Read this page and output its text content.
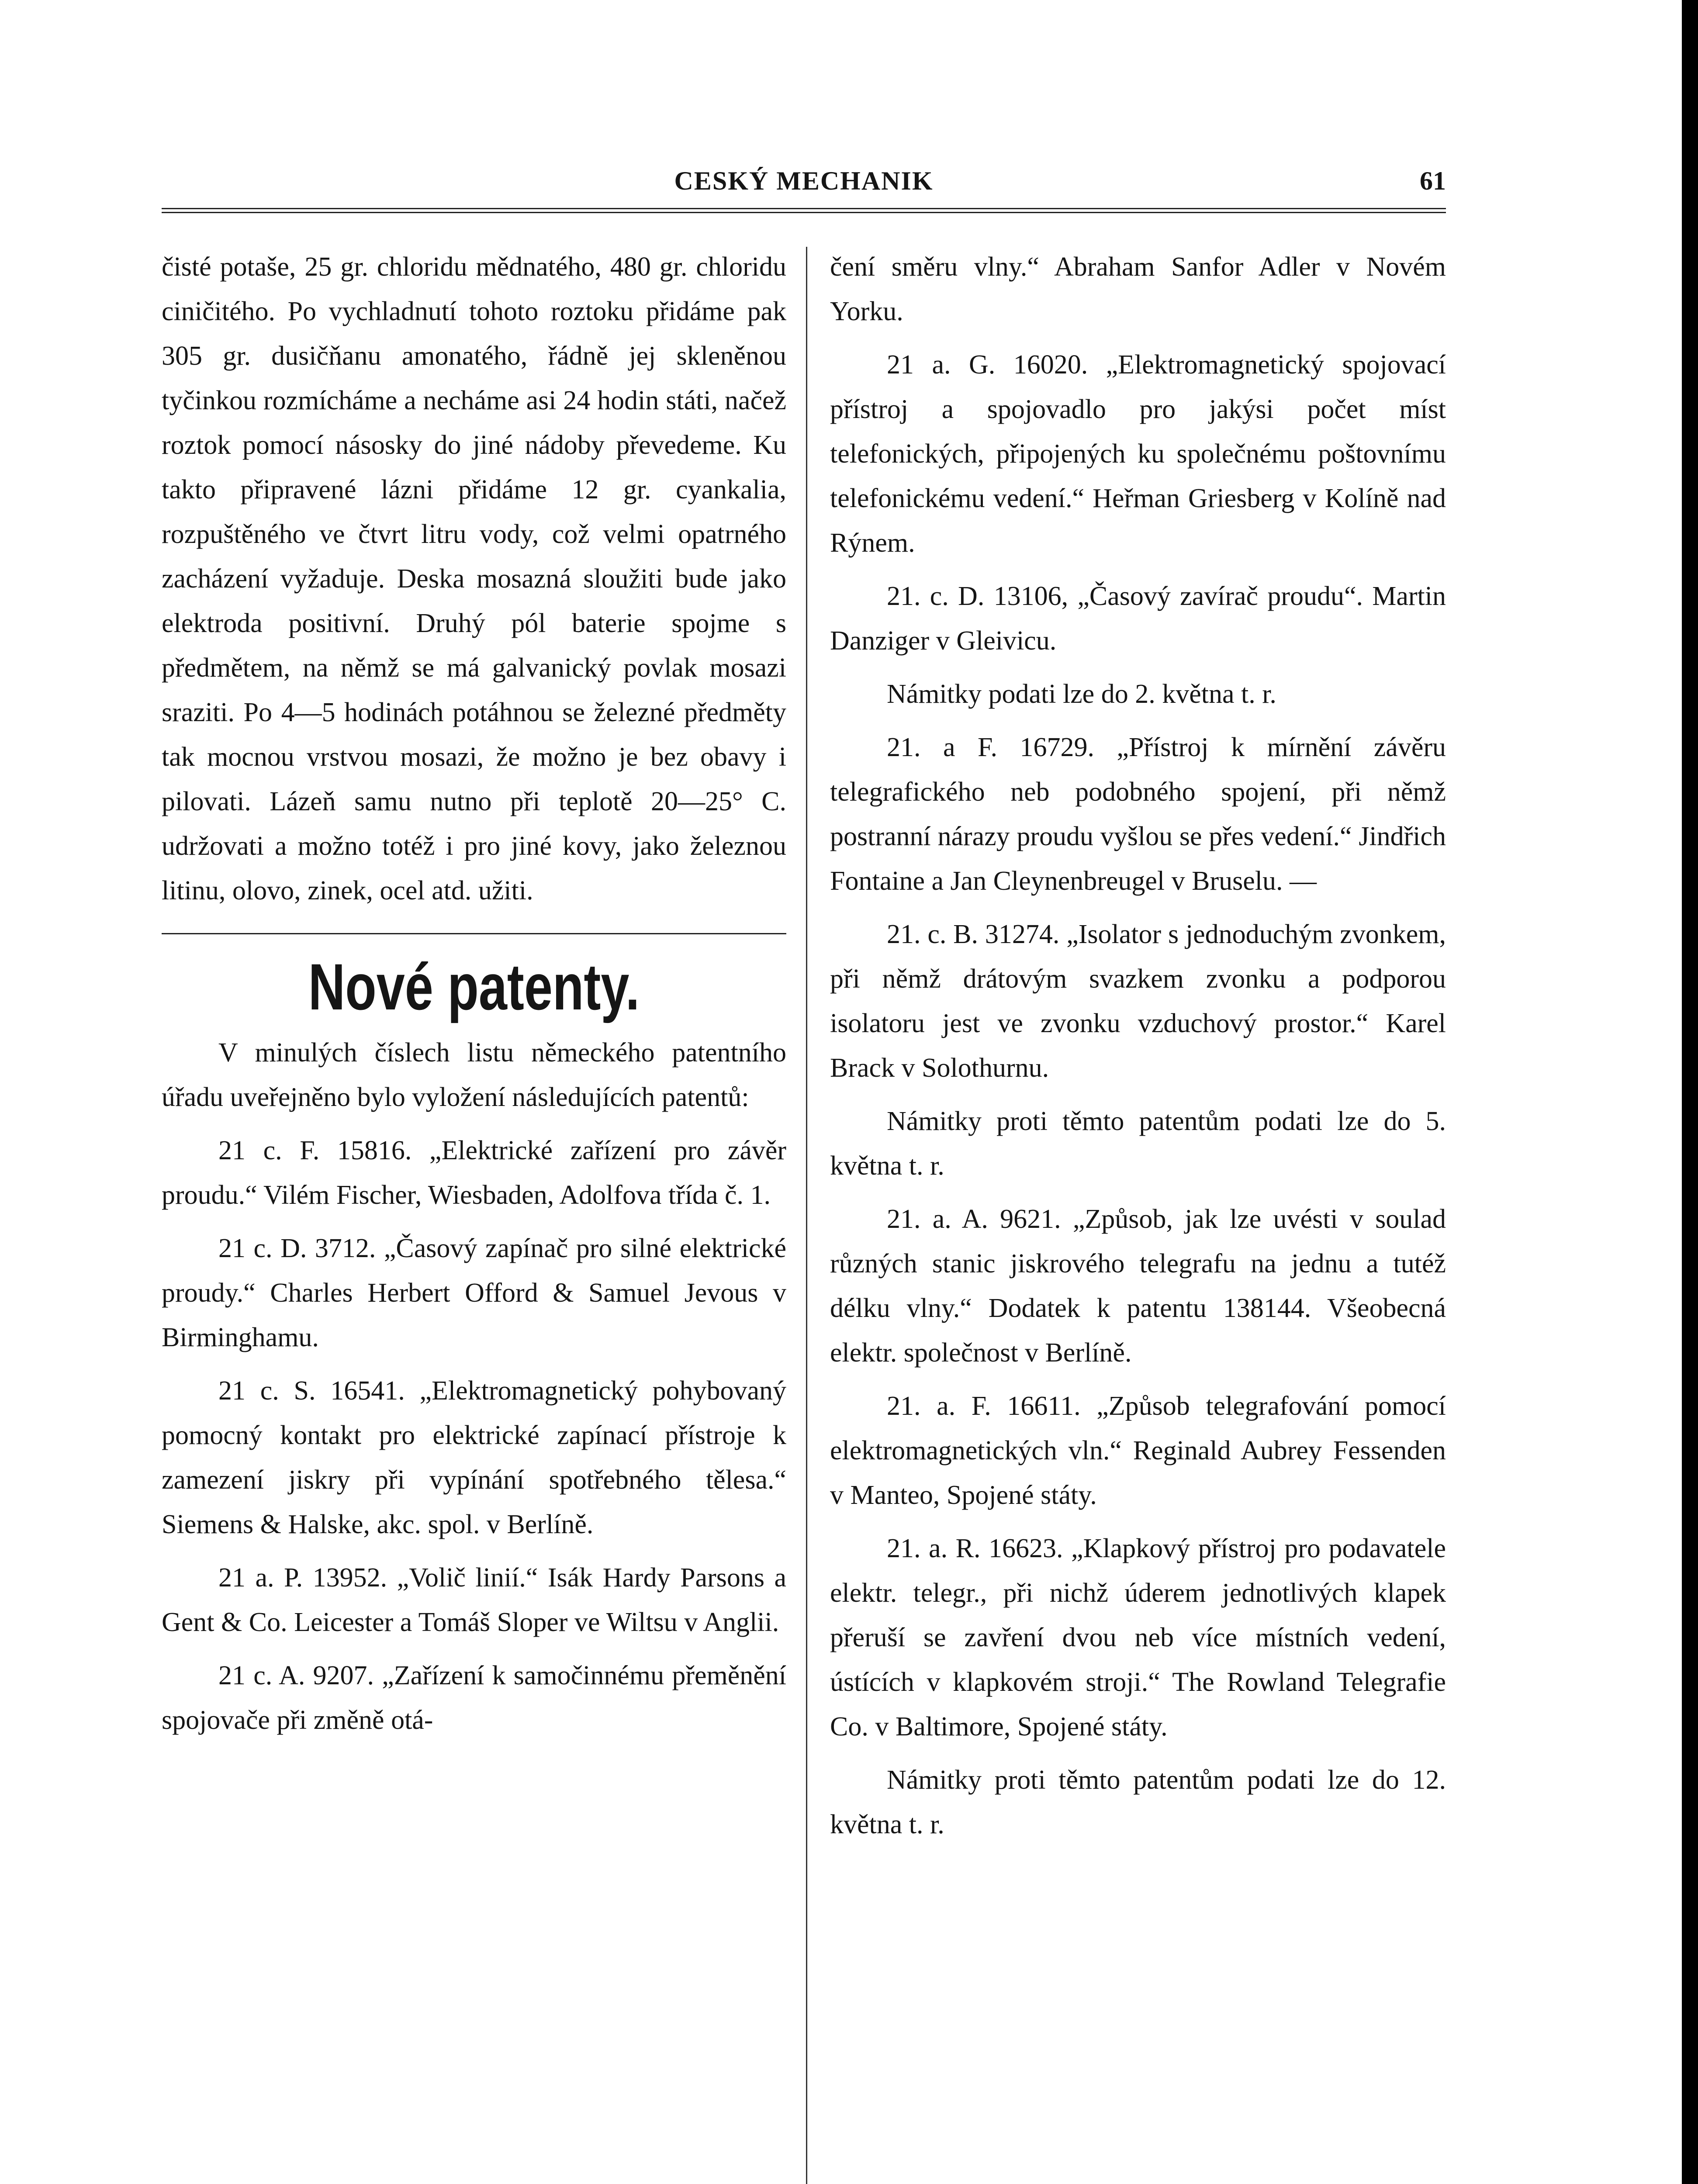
CESKÝ MECHANIK	61

čisté potaše, 25 gr. chloridu mědnatého, 480 gr. chloridu ciničitého. Po vychladnutí tohoto roztoku přidáme pak 305 gr. dusičňanu amonatého, řádně jej skleněnou tyčinkou rozmícháme a necháme asi 24 hodin státi, načež roztok pomocí násosky do jiné nádoby převedeme. Ku takto připravené lázni přidáme 12 gr. cyankalia, rozpuštěného ve čtvrt litru vody, což velmi opatrného zacházení vyžaduje. Deska mosazná sloužiti bude jako elektroda positivní. Druhý pól baterie spojme s předmětem, na němž se má galvanický povlak mosazi sraziti. Po 4—5 hodinách potáhnou se železné předměty tak mocnou vrstvou mosazi, že možno je bez obavy i pilovati. Lázeň samu nutno při teplotě 20—25° C. udržovati a možno totéž i pro jiné kovy, jako železnou litinu, olovo, zinek, ocel atd. užiti.

Nové patenty.

V minulých číslech listu německého patentního úřadu uveřejněno bylo vyložení následujících patentů:

21 c. F. 15816. „Elektrické zařízení pro závěr proudu.“ Vilém Fischer, Wiesbaden, Adolfova třída č. 1.

21 c. D. 3712. „Časový zapínač pro silné elektrické proudy.“ Charles Herbert Offord & Samuel Jevous v Birminghamu.

21 c. S. 16541. „Elektromagnetický pohybovaný pomocný kontakt pro elektrické zapínací přístroje k zamezení jiskry při vypínání spotřebného tělesa.“ Siemens & Halske, akc. spol. v Berlíně.

21 a. P. 13952. „Volič linií.“ Isák Hardy Parsons a Gent & Co. Leicester a Tomáš Sloper ve Wiltsu v Anglii.

21 c. A. 9207. „Zařízení k samočinnému přeměnění spojovače při změně otá-

čení směru vlny.“ Abraham Sanfor Adler v Novém Yorku.

21 a. G. 16020. „Elektromagnetický spojovací přístroj a spojovadlo pro jakýsi počet míst telefonických, připojených ku společnému poštovnímu telefonickému vedení.“ Heřman Griesberg v Kolíně nad Rýnem.

21. c. D. 13106, „Časový zavírač proudu“. Martin Danziger v Gleivicu.

Námitky podati lze do 2. května t. r.

21. a F. 16729. „Přístroj k mírnění závěru telegrafického neb podobného spojení, při němž postranní nárazy proudu vyšlou se přes vedení.“ Jindřich Fontaine a Jan Cleynenbreugel v Bruselu. —

21. c. B. 31274. „Isolator s jednoduchým zvonkem, při němž drátovým svazkem zvonku a podporou isolatoru jest ve zvonku vzduchový prostor.“ Karel Brack v Solothurnu.

Námitky proti těmto patentům podati lze do 5. května t. r.

21. a. A. 9621. „Způsob, jak lze uvésti v soulad různých stanic jiskrového telegrafu na jednu a tutéž délku vlny.“ Dodatek k patentu 138144. Všeobecná elektr. společnost v Berlíně.

21. a. F. 16611. „Způsob telegrafování pomocí elektromagnetických vln.“ Reginald Aubrey Fessenden v Manteo, Spojené státy.

21. a. R. 16623. „Klapkový přístroj pro podavatele elektr. telegr., při nichž úderem jednotlivých klapek přeruší se zavření dvou neb více místních vedení, ústících v klapkovém stroji.“ The Rowland Telegrafie Co. v Baltimore, Spojené státy.

Námitky proti těmto patentům podati lze do 12. května t. r.
